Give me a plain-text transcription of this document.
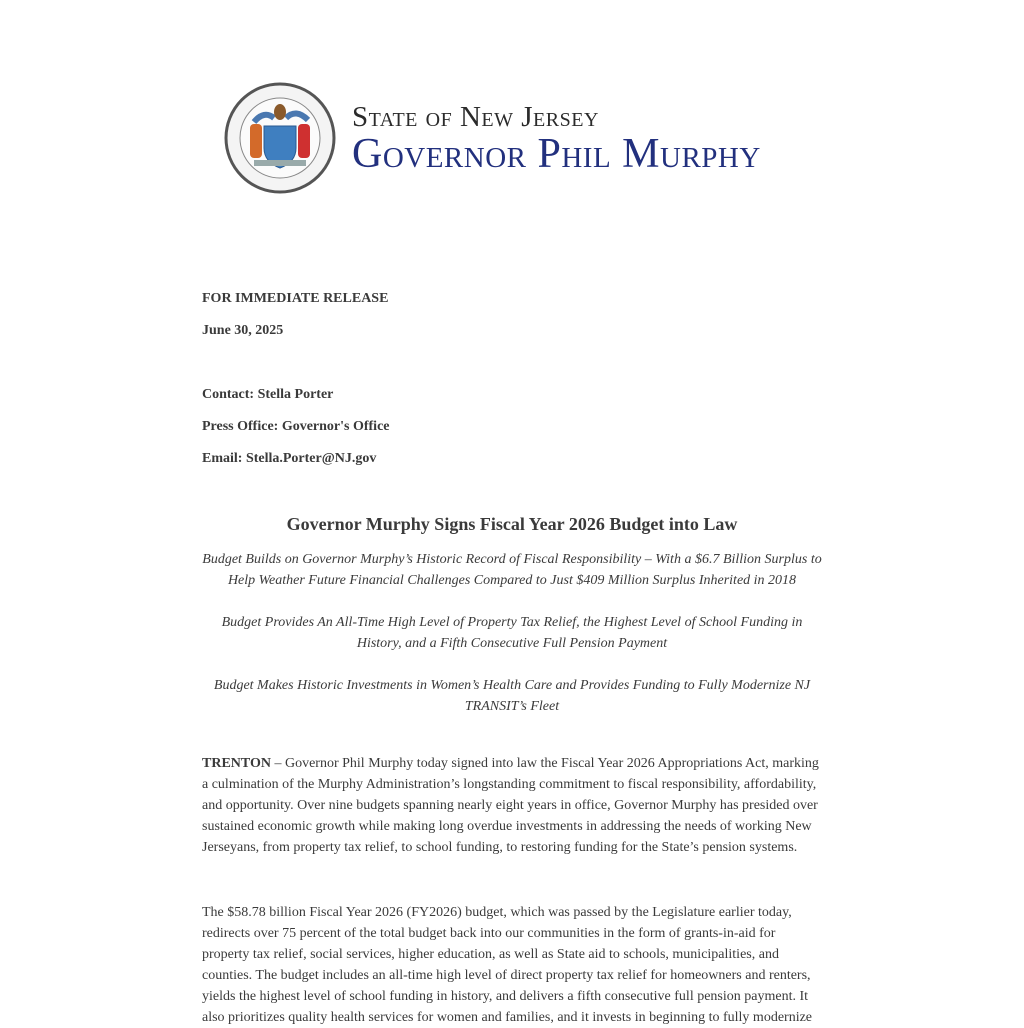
State of New Jersey
Governor Phil Murphy
FOR IMMEDIATE RELEASE
June 30, 2025
Contact: Stella Porter
Press Office: Governor's Office
Email: Stella.Porter@NJ.gov
Governor Murphy Signs Fiscal Year 2026 Budget into Law
Budget Builds on Governor Murphy’s Historic Record of Fiscal Responsibility – With a $6.7 Billion Surplus to Help Weather Future Financial Challenges Compared to Just $409 Million Surplus Inherited in 2018
Budget Provides An All-Time High Level of Property Tax Relief, the Highest Level of School Funding in History, and a Fifth Consecutive Full Pension Payment
Budget Makes Historic Investments in Women’s Health Care and Provides Funding to Fully Modernize NJ TRANSIT’s Fleet
TRENTON – Governor Phil Murphy today signed into law the Fiscal Year 2026 Appropriations Act, marking a culmination of the Murphy Administration’s longstanding commitment to fiscal responsibility, affordability, and opportunity. Over nine budgets spanning nearly eight years in office, Governor Murphy has presided over sustained economic growth while making long overdue investments in addressing the needs of working New Jerseyans, from property tax relief, to school funding, to restoring funding for the State’s pension systems.
The $58.78 billion Fiscal Year 2026 (FY2026) budget, which was passed by the Legislature earlier today, redirects over 75 percent of the total budget back into our communities in the form of grants-in-aid for property tax relief, social services, higher education, as well as State aid to schools, municipalities, and counties. The budget includes an all-time high level of direct property tax relief for homeowners and renters, yields the highest level of school funding in history, and delivers a fifth consecutive full pension payment. It also prioritizes quality health services for women and families, and it invests in beginning to fully modernize
